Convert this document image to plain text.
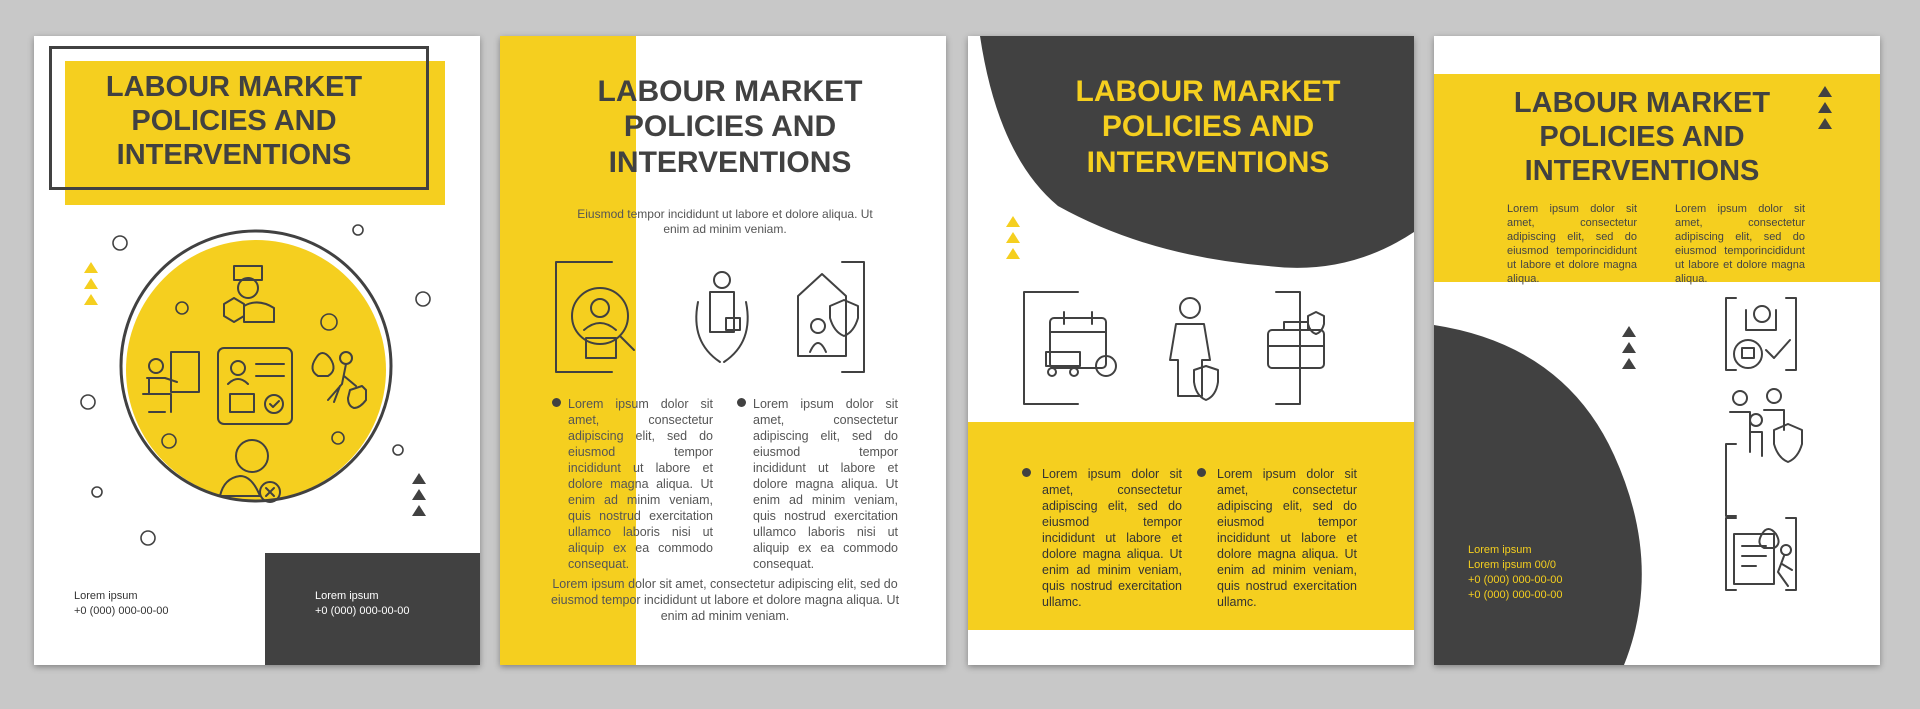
LABOUR MARKET POLICIES AND INTERVENTIONS
Lorem ipsum
+0 (000) 000-00-00
Lorem ipsum
+0 (000) 000-00-00
LABOUR MARKET POLICIES AND INTERVENTIONS
Eiusmod tempor incididunt ut labore et dolore aliqua. Ut enim ad minim veniam.
Lorem ipsum dolor sit amet, consectetur adipiscing elit, sed do eiusmod tempor incididunt ut labore et dolore magna aliqua. Ut enim ad minim veniam, quis nostrud exercitation ullamco laboris nisi ut aliquip ex ea commodo consequat.
Lorem ipsum dolor sit amet, consectetur adipiscing elit, sed do eiusmod tempor incididunt ut labore et dolore magna aliqua. Ut enim ad minim veniam, quis nostrud exercitation ullamco laboris nisi ut aliquip ex ea commodo consequat.
Lorem ipsum dolor sit amet, consectetur adipiscing elit, sed do eiusmod tempor incididunt ut labore et dolore magna aliqua. Ut enim ad minim veniam.
LABOUR MARKET POLICIES AND INTERVENTIONS
Lorem ipsum dolor sit amet, consectetur adipiscing elit, sed do eiusmod tempor incididunt ut labore et dolore magna aliqua. Ut enim ad minim veniam, quis nostrud exercitation ullamc.
Lorem ipsum dolor sit amet, consectetur adipiscing elit, sed do eiusmod tempor incididunt ut labore et dolore magna aliqua. Ut enim ad minim veniam, quis nostrud exercitation ullamc.
LABOUR MARKET POLICIES AND INTERVENTIONS
Lorem ipsum dolor sit amet, consectetur adipiscing elit, sed do eiusmod temporincididunt ut labore et dolore magna aliqua.
Lorem ipsum dolor sit amet, consectetur adipiscing elit, sed do eiusmod temporincididunt ut labore et dolore magna aliqua.
Lorem ipsum
Lorem ipsum 00/0
+0 (000) 000-00-00
+0 (000) 000-00-00
